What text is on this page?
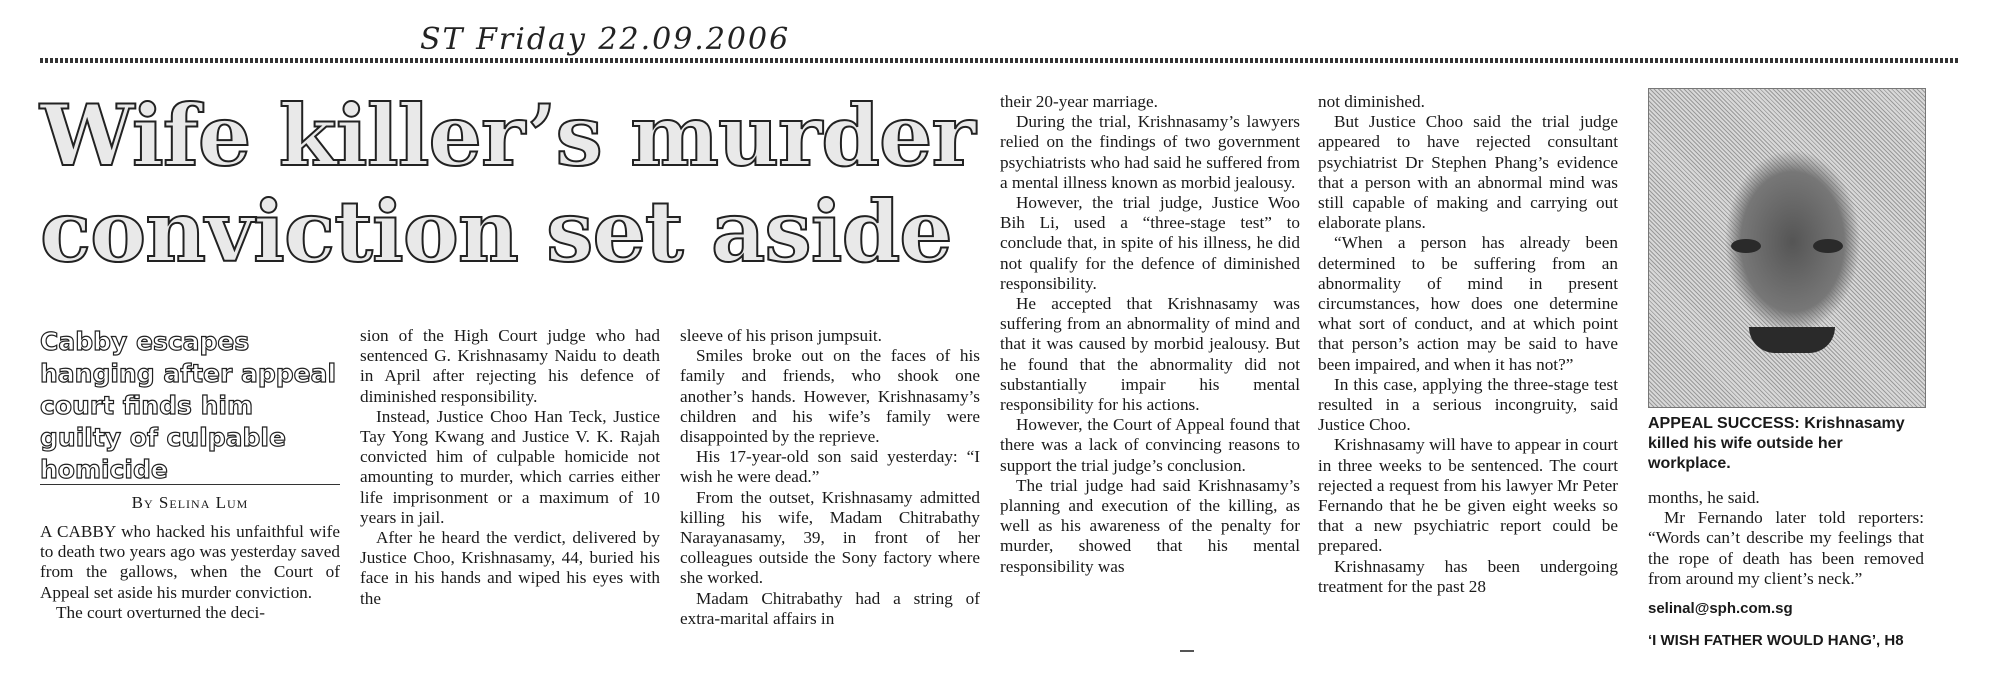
ST Friday 22.09.2006
Wife killer’s murder conviction set aside
Cabby escapes hanging after appeal court finds him guilty of culpable homicide
By Selina Lum

A CABBY who hacked his unfaithful wife to death two years ago was yesterday saved from the gallows, when the Court of Appeal set aside his murder conviction.

The court overturned the deci-

sion of the High Court judge who had sentenced G. Krishnasamy Naidu to death in April after rejecting his defence of diminished responsibility.

Instead, Justice Choo Han Teck, Justice Tay Yong Kwang and Justice V. K. Rajah convicted him of culpable homicide not amounting to murder, which carries either life imprisonment or a maximum of 10 years in jail.

After he heard the verdict, delivered by Justice Choo, Krishnasamy, 44, buried his face in his hands and wiped his eyes with the

sleeve of his prison jumpsuit.

Smiles broke out on the faces of his family and friends, who shook one another’s hands. However, Krishnasamy’s children and his wife’s family were disappointed by the reprieve.

His 17-year-old son said yesterday: “I wish he were dead.”

From the outset, Krishnasamy admitted killing his wife, Madam Chitrabathy Narayanasamy, 39, in front of her colleagues outside the Sony factory where she worked.

Madam Chitrabathy had a string of extra-marital affairs in

their 20-year marriage.

During the trial, Krishnasamy’s lawyers relied on the findings of two government psychiatrists who had said he suffered from a mental illness known as morbid jealousy.

However, the trial judge, Justice Woo Bih Li, used a “three-stage test” to conclude that, in spite of his illness, he did not qualify for the defence of diminished responsibility.

He accepted that Krishnasamy was suffering from an abnormality of mind and that it was caused by morbid jealousy. But he found that the abnormality did not substantially impair his mental responsibility for his actions.

However, the Court of Appeal found that there was a lack of convincing reasons to support the trial judge’s conclusion.

The trial judge had said Krishnasamy’s planning and execution of the killing, as well as his awareness of the penalty for murder, showed that his mental responsibility was

not diminished.

But Justice Choo said the trial judge appeared to have rejected consultant psychiatrist Dr Stephen Phang’s evidence that a person with an abnormal mind was still capable of making and carrying out elaborate plans.

“When a person has already been determined to be suffering from an abnormality of mind in present circumstances, how does one determine what sort of conduct, and at which point that person’s action may be said to have been impaired, and when it has not?”

In this case, applying the three-stage test resulted in a serious incongruity, said Justice Choo.

Krishnasamy will have to appear in court in three weeks to be sentenced. The court rejected a request from his lawyer Mr Peter Fernando that he be given eight weeks so that a new psychiatric report could be prepared.

Krishnasamy has been undergoing treatment for the past 28

APPEAL SUCCESS: Krishnasamy killed his wife outside her workplace.

months, he said.

Mr Fernando later told reporters: “Words can’t describe my feelings that the rope of death has been removed from around my client’s neck.”

selinal@sph.com.sg
‘I WISH FATHER WOULD HANG’, H8
